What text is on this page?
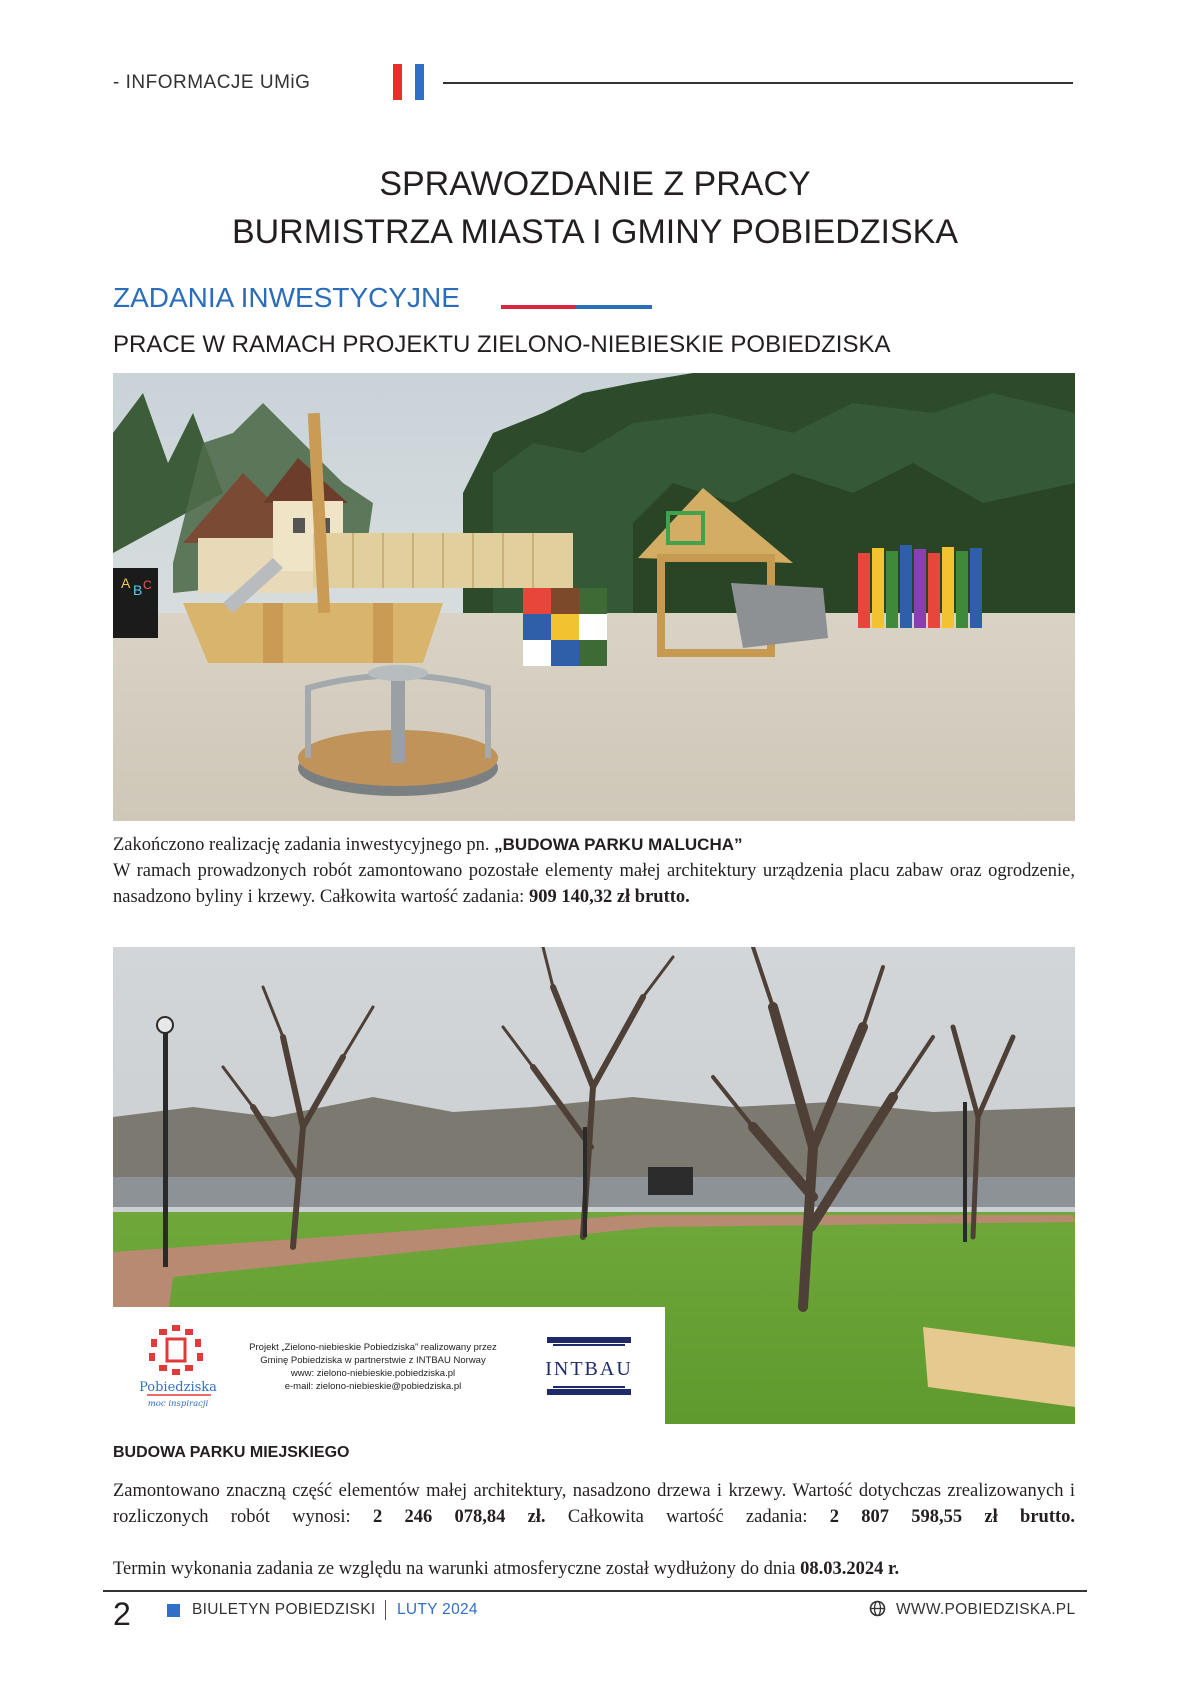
- INFORMACJE UMiG
SPRAWOZDANIE Z PRACY
BURMISTRZA MIASTA I GMINY POBIEDZISKA
ZADANIA INWESTYCYJNE
PRACE W RAMACH PROJEKTU ZIELONO-NIEBIESKIE POBIEDZISKA
A B C
Zakończono realizację zadania inwestycyjnego pn. „BUDOWA PARKU MALUCHA”
W ramach prowadzonych robót zamontowano pozostałe elementy małej architektury urządzenia placu zabaw oraz ogrodzenie, nasadzono byliny i krzewy. Całkowita wartość zadania: 909 140,32 zł brutto.
Pobiedziska
moc inspiracji
Projekt „Zielono-niebieskie Pobiedziska” realizowany przez
Gminę Pobiedziska w partnerstwie z INTBAU Norway
www: zielono-niebieskie.pobiedziska.pl
e-mail: zielono-niebieskie@pobiedziska.pl
INTBAU
BUDOWA PARKU MIEJSKIEGO
Zamontowano znaczną część elementów małej architektury, nasadzono drzewa i krzewy. Wartość dotychczas zrealizowanych i rozliczonych robót wynosi: 2 246 078,84 zł. Całkowita wartość zadania: 2 807 598,55 zł brutto.
Termin wykonania zadania ze względu na warunki atmosferyczne został wydłużony do dnia 08.03.2024 r.
2	BIULETYN POBIEDZISKI LUTY 2024	WWW.POBIEDZISKA.PL
